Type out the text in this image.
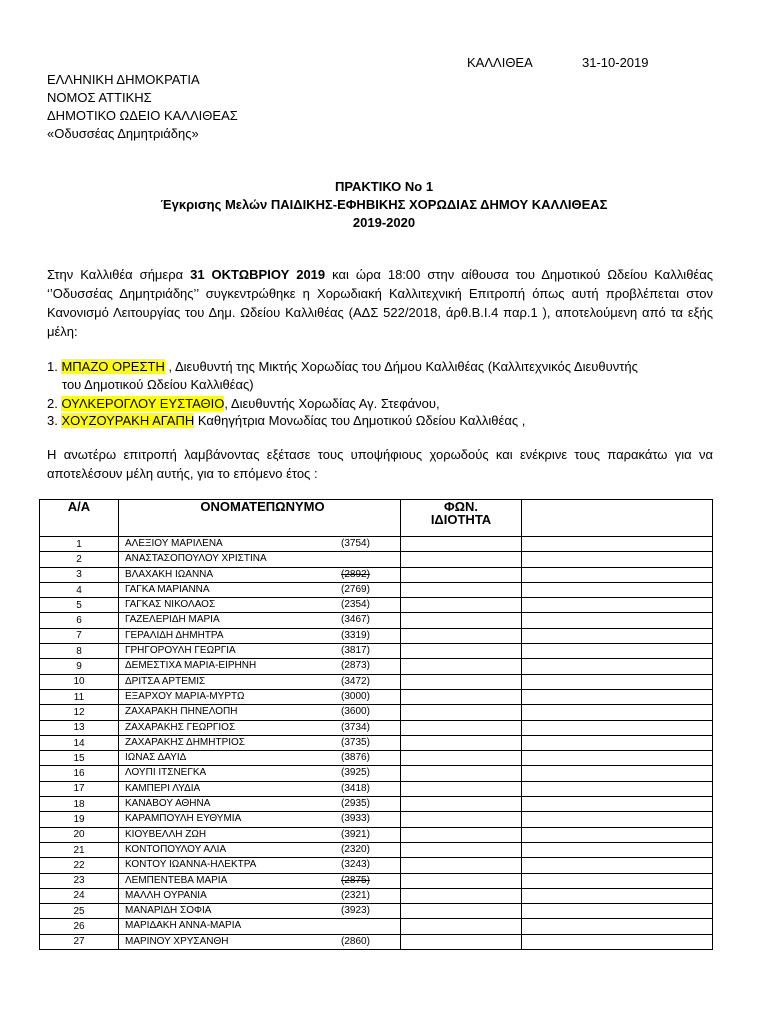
ΚΑΛΛΙΘΕΑ	31-10-2019
ΕΛΛΗΝΙΚΗ ΔΗΜΟΚΡΑΤΙΑ
ΝΟΜΟΣ ΑΤΤΙΚΗΣ
ΔΗΜΟΤΙΚΟ ΩΔΕΙΟ ΚΑΛΛΙΘΕΑΣ
«Οδυσσέας Δημητριάδης»
ΠΡΑΚΤΙΚΟ Νο 1
Έγκρισης Μελών ΠΑΙΔΙΚΗΣ-ΕΦΗΒΙΚΗΣ ΧΟΡΩΔΙΑΣ ΔΗΜΟΥ ΚΑΛΛΙΘΕΑΣ
2019-2020
Στην Καλλιθέα σήμερα 31 ΟΚΤΩΒΡΙΟΥ 2019 και ώρα 18:00 στην αίθουσα του Δημοτικού Ωδείου Καλλιθέας ‘’Οδυσσέας Δημητριάδης’’ συγκεντρώθηκε η Χορωδιακή Καλλιτεχνική Επιτροπή όπως αυτή προβλέπεται στον Κανονισμό Λειτουργίας του Δημ. Ωδείου Καλλιθέας (ΑΔΣ 522/2018, άρθ.Β.Ι.4 παρ.1 ), αποτελούμενη από τα εξής μέλη:
1. ΜΠΑΖΟ ΟΡΕΣΤΗ , Διευθυντή της Μικτής Χορωδίας του Δήμου Καλλιθέας (Καλλιτεχνικός Διευθυντής
του Δημοτικού Ωδείου Καλλιθέας)
2. ΟΥΛΚΕΡΟΓΛΟΥ ΕΥΣΤΑΘΙΟ, Διευθυντής Χορωδίας Αγ. Στεφάνου,
3. ΧΟΥΖΟΥΡΑΚΗ ΑΓΑΠΗ Καθηγήτρια Μονωδίας του Δημοτικού Ωδείου Καλλιθέας ,
Η ανωτέρω επιτροπή λαμβάνοντας εξέτασε τους υποψήφιους χορωδούς και ενέκρινε τους παρακάτω για να αποτελέσουν μέλη αυτής, για το επόμενο έτος :
Α/Α	ΟΝΟΜΑΤΕΠΩΝΥΜΟ	ΦΩΝ.
ΙΔΙΟΤΗΤΑ	

1	ΑΛΕΞΙΟΥ ΜΑΡΙΛΕΝΑ (3754)		

2	ΑΝΑΣΤΑΣΟΠΟΥΛΟΥ ΧΡΙΣΤΙΝΑ		

3	ΒΛΑΧΑΚΗ ΙΩΑΝΝΑ (2892)		

4	ΓΑΓΚΑ ΜΑΡΙΑΝΝΑ (2769)		

5	ΓΑΓΚΑΣ ΝΙΚΟΛΑΟΣ (2354)		

6	ΓΑΖΕΛΕΡΙΔΗ ΜΑΡΙΑ (3467)		

7	ΓΕΡΑΛΙΔΗ ΔΗΜΗΤΡΑ (3319)		

8	ΓΡΗΓΟΡΟΥΛΗ ΓΕΩΡΓΙΑ (3817)		

9	ΔΕΜΕΣΤΙΧΑ ΜΑΡΙΑ-ΕΙΡΗΝΗ (2873)		

10	ΔΡΙΤΣΑ ΑΡΤΕΜΙΣ (3472)		

11	ΕΞΑΡΧΟΥ ΜΑΡΙΑ-ΜΥΡΤΩ (3000)		

12	ΖΑΧΑΡΑΚΗ ΠΗΝΕΛΟΠΗ (3600)		

13	ΖΑΧΑΡΑΚΗΣ ΓΕΩΡΓΙΟΣ (3734)		

14	ΖΑΧΑΡΑΚΗΣ ΔΗΜΗΤΡΙΟΣ (3735)		

15	ΙΩΝΑΣ ΔΑΥΙΔ (3876)		

16	ΛΟΥΠΙ ΙΤΣΝΕΓΚΑ (3925)		

17	ΚΑΜΠΕΡΙ ΛΥΔΙΑ (3418)		

18	ΚΑΝΑΒΟΥ ΑΘΗΝΑ (2935)		

19	ΚΑΡΑΜΠΟΥΛΗ ΕΥΘΥΜΙΑ (3933)		

20	ΚΙΟΥΒΕΛΛΗ ΖΩΗ (3921)		

21	ΚΟΝΤΟΠΟΥΛΟΥ ΑΛΙΑ (2320)		

22	ΚΟΝΤΟΥ ΙΩΑΝΝΑ-ΗΛΕΚΤΡΑ (3243)		

23	ΛΕΜΠΕΝΤΕΒΑ ΜΑΡΙΑ (2875)		

24	ΜΑΛΛΗ ΟΥΡΑΝΙΑ (2321)		

25	ΜΑΝΑΡΙΔΗ ΣΟΦΙΑ (3923)		

26	ΜΑΡΙΔΑΚΗ ΑΝΝΑ-ΜΑΡΙΑ		

27	ΜΑΡΙΝΟΥ ΧΡΥΣΑΝΘΗ (2860)		
